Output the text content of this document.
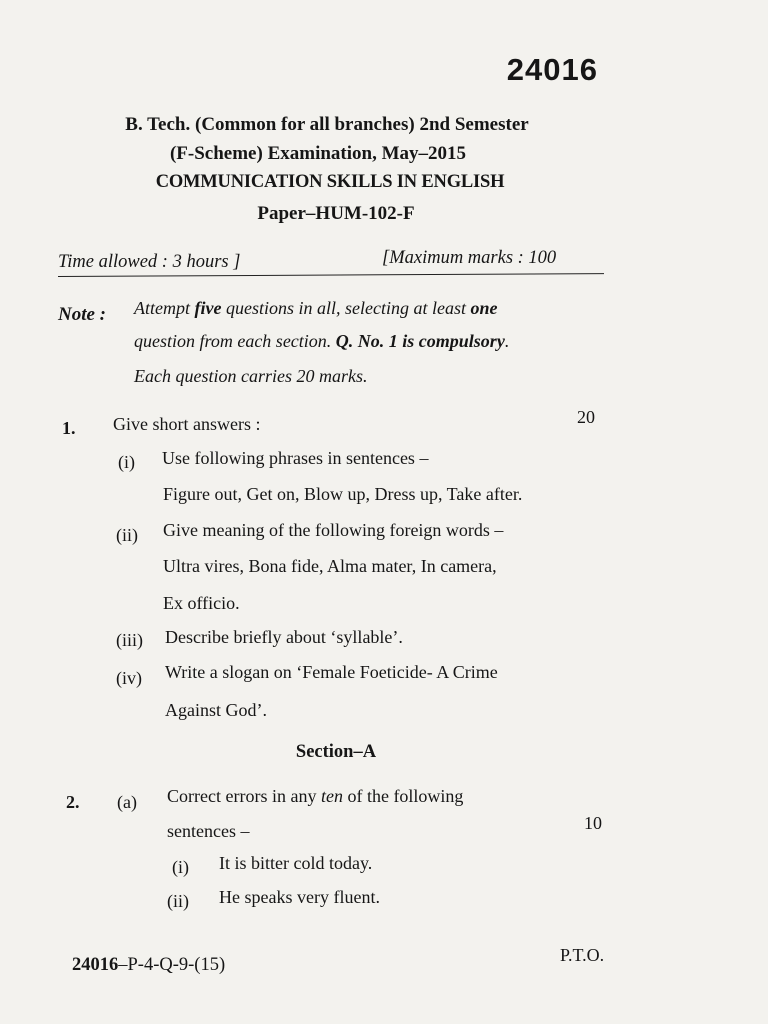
24016
B. Tech. (Common for all branches) 2nd Semester
(F-Scheme) Examination, May–2015
COMMUNICATION SKILLS IN ENGLISH
Paper–HUM-102-F
Time allowed : 3 hours ]	[Maximum marks : 100
Note : Attempt five questions in all, selecting at least one
question from each section. Q. No. 1 is compulsory.
Each question carries 20 marks.
1. Give short answers :	20
(i) Use following phrases in sentences –
Figure out, Get on, Blow up, Dress up, Take after.
(ii) Give meaning of the following foreign words –
Ultra vires, Bona fide, Alma mater, In camera,
Ex officio.
(iii) Describe briefly about ‘syllable’.
(iv) Write a slogan on ‘Female Foeticide- A Crime
Against God’.
Section–A
2. (a) Correct errors in any ten of the following
sentences –	10
(i) It is bitter cold today.
(ii) He speaks very fluent.
24016–P-4-Q-9-(15)	P.T.O.
